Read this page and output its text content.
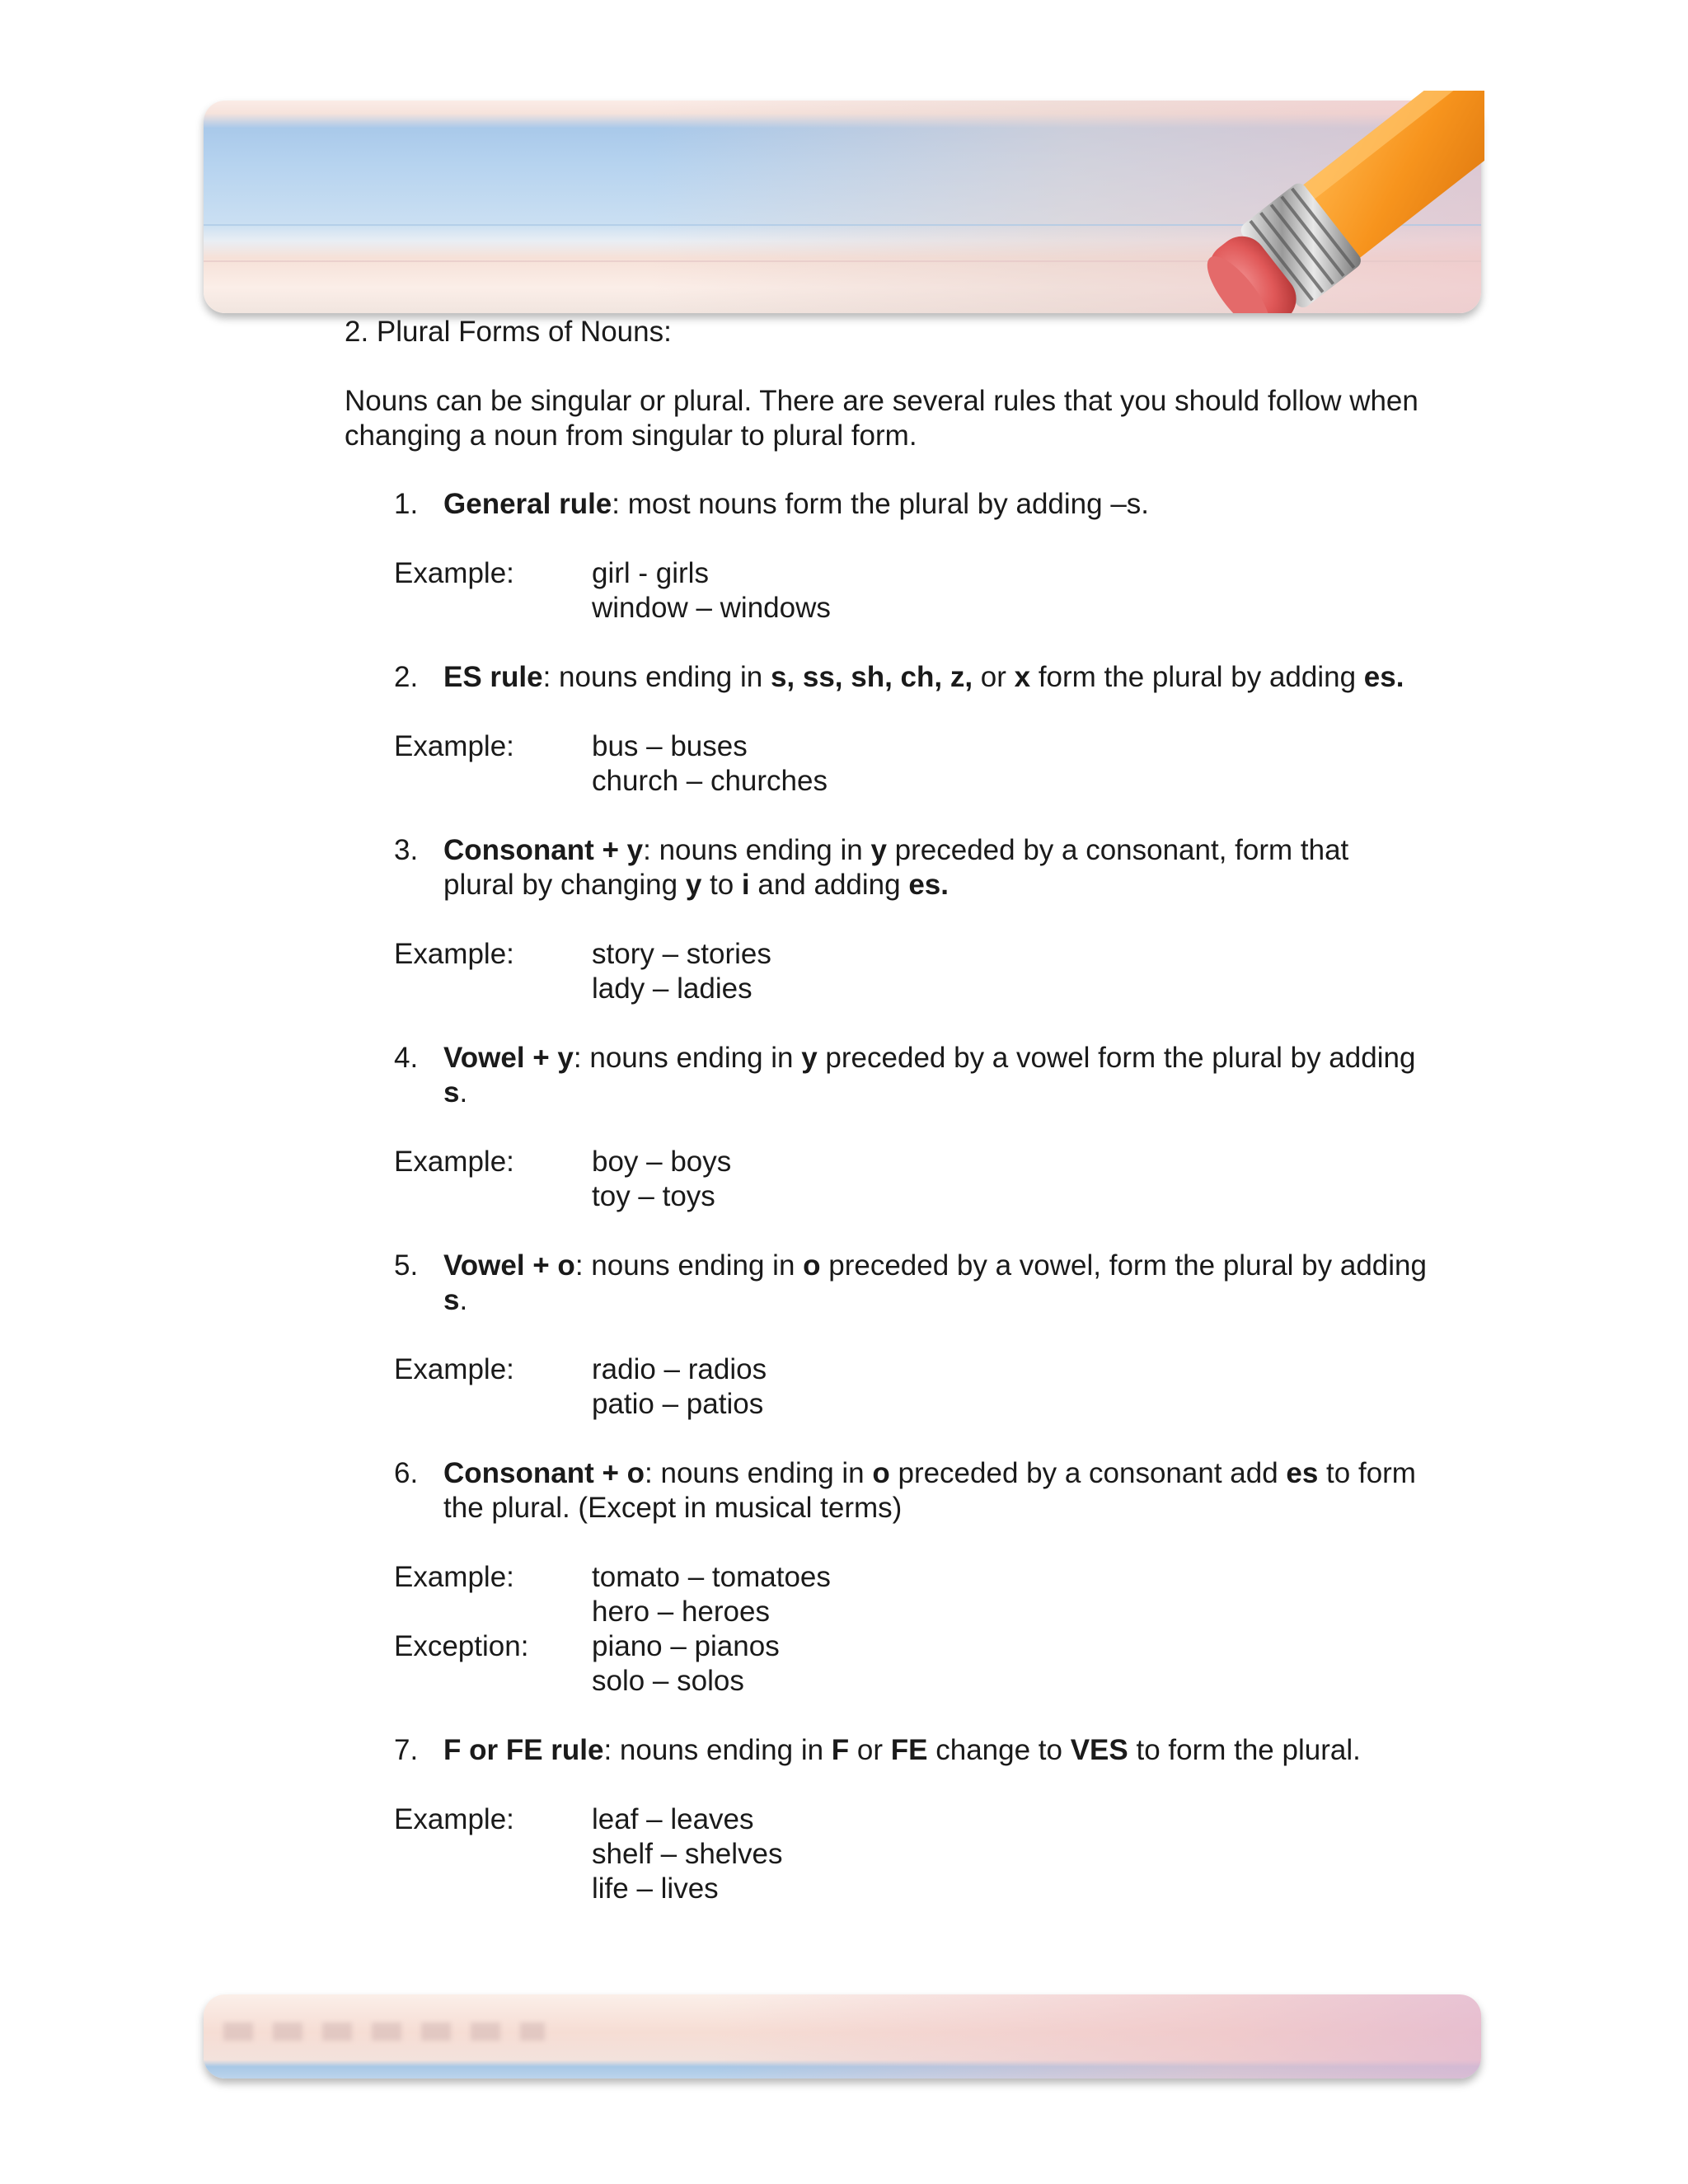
2. Plural Forms of Nouns:
Nouns can be singular or plural. There are several rules that you should follow when
changing a noun from singular to plural form.
1. General rule: most nouns form the plural by adding –s.
Example:	girl - girls
window – windows
2. ES rule: nouns ending in s, ss, sh, ch, z, or x form the plural by adding es.
Example:	bus – buses
church – churches
3. Consonant + y: nouns ending in y preceded by a consonant, form that
plural by changing y to i and adding es.
Example:	story – stories
lady – ladies
4. Vowel + y: nouns ending in y preceded by a vowel form the plural by adding
s.
Example:	boy – boys
toy – toys
5. Vowel + o: nouns ending in o preceded by a vowel, form the plural by adding
s.
Example:	radio – radios
patio – patios
6. Consonant + o: nouns ending in o preceded by a consonant add es to form
the plural. (Except in musical terms)
Example:	tomato – tomatoes
hero – heroes
Exception: piano – pianos
solo – solos
7. F or FE rule: nouns ending in F or FE change to VES to form the plural.
Example:	leaf – leaves
shelf – shelves
life – lives
